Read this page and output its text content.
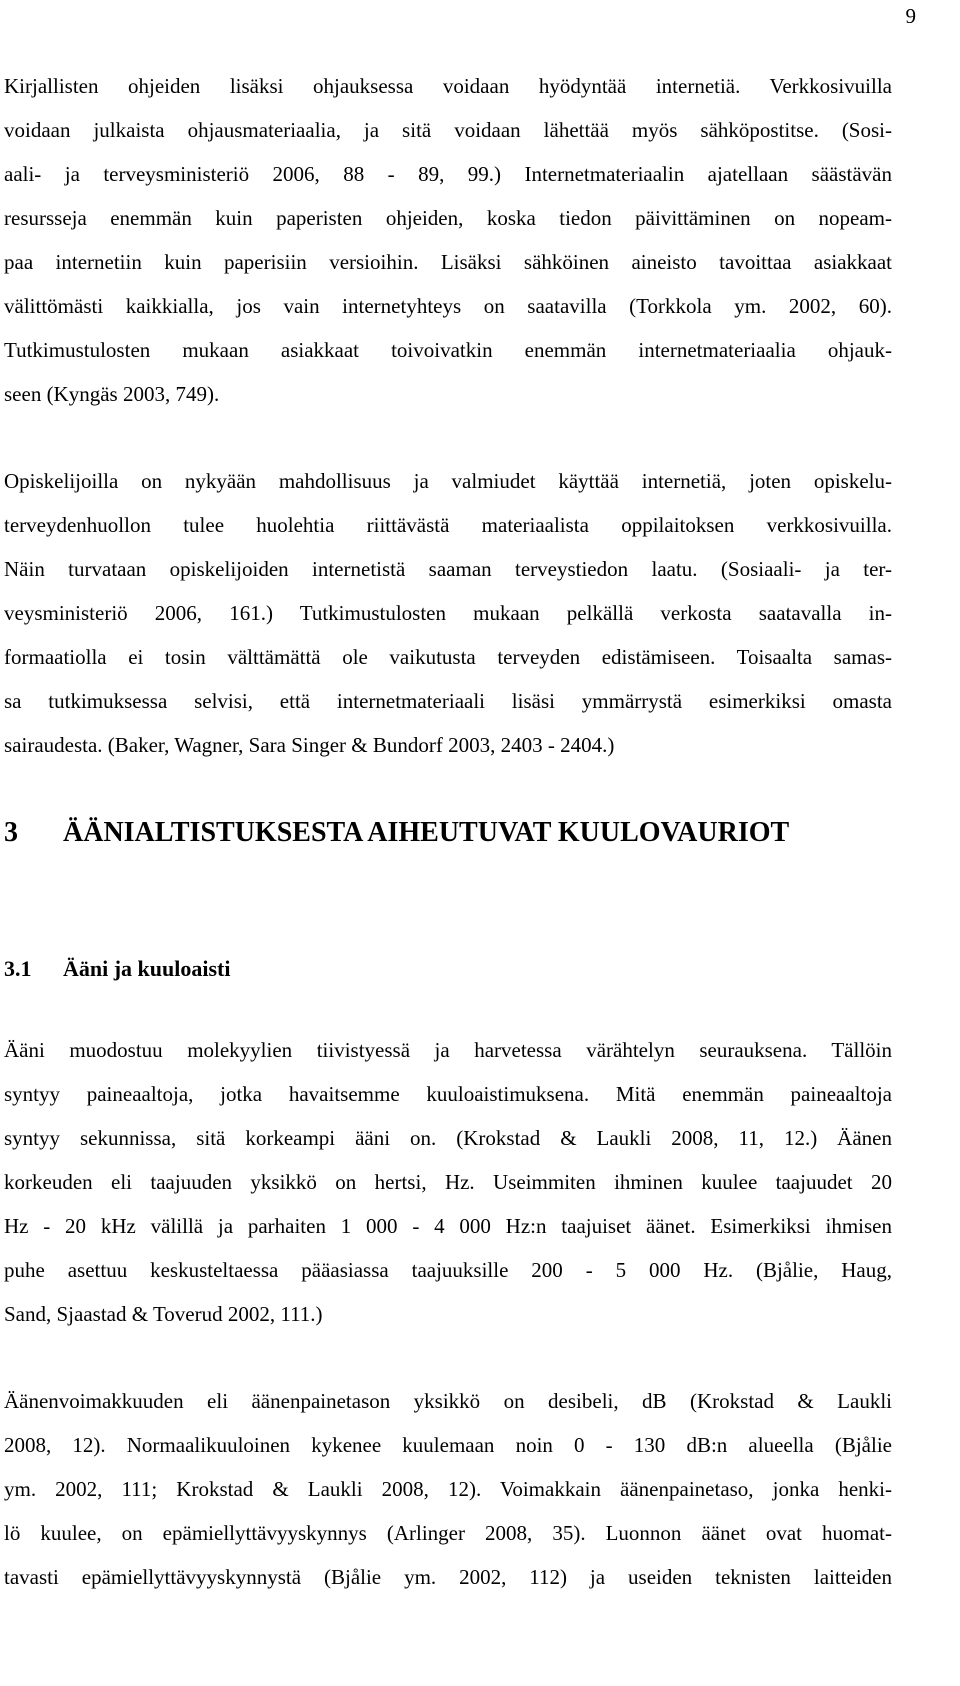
9
Kirjallisten ohjeiden lisäksi ohjauksessa voidaan hyödyntää internetiä. Verkkosivuilla
voidaan julkaista ohjausmateriaalia, ja sitä voidaan lähettää myös sähköpostitse. (Sosi-
aali- ja terveysministeriö 2006, 88 - 89, 99.) Internetmateriaalin ajatellaan säästävän
resursseja enemmän kuin paperisten ohjeiden, koska tiedon päivittäminen on nopeam-
paa internetiin kuin paperisiin versioihin. Lisäksi sähköinen aineisto tavoittaa asiakkaat
välittömästi kaikkialla, jos vain internetyhteys on saatavilla (Torkkola ym. 2002, 60).
Tutkimustulosten mukaan asiakkaat toivoivatkin enemmän internetmateriaalia ohjauk-
seen (Kyngäs 2003, 749).
Opiskelijoilla on nykyään mahdollisuus ja valmiudet käyttää internetiä, joten opiskelu-
terveydenhuollon tulee huolehtia riittävästä materiaalista oppilaitoksen verkkosivuilla.
Näin turvataan opiskelijoiden internetistä saaman terveystiedon laatu. (Sosiaali- ja ter-
veysministeriö 2006, 161.) Tutkimustulosten mukaan pelkällä verkosta saatavalla in-
formaatiolla ei tosin välttämättä ole vaikutusta terveyden edistämiseen. Toisaalta samas-
sa tutkimuksessa selvisi, että internetmateriaali lisäsi ymmärrystä esimerkiksi omasta
sairaudesta. (Baker, Wagner, Sara Singer & Bundorf 2003, 2403 - 2404.)
3 ÄÄNIALTISTUKSESTA AIHEUTUVAT KUULOVAURIOT
3.1 Ääni ja kuuloaisti
Ääni muodostuu molekyylien tiivistyessä ja harvetessa värähtelyn seurauksena. Tällöin
syntyy paineaaltoja, jotka havaitsemme kuuloaistimuksena. Mitä enemmän paineaaltoja
syntyy sekunnissa, sitä korkeampi ääni on. (Krokstad & Laukli 2008, 11, 12.) Äänen
korkeuden eli taajuuden yksikkö on hertsi, Hz. Useimmiten ihminen kuulee taajuudet 20
Hz - 20 kHz välillä ja parhaiten 1 000 - 4 000 Hz:n taajuiset äänet. Esimerkiksi ihmisen
puhe asettuu keskusteltaessa pääasiassa taajuuksille 200 - 5 000 Hz. (Bjålie, Haug,
Sand, Sjaastad & Toverud 2002, 111.)
Äänenvoimakkuuden eli äänenpainetason yksikkö on desibeli, dB (Krokstad & Laukli
2008, 12). Normaalikuuloinen kykenee kuulemaan noin 0 - 130 dB:n alueella (Bjålie
ym. 2002, 111; Krokstad & Laukli 2008, 12). Voimakkain äänenpainetaso, jonka henki-
lö kuulee, on epämiellyttävyyskynnys (Arlinger 2008, 35). Luonnon äänet ovat huomat-
tavasti epämiellyttävyyskynnystä (Bjålie ym. 2002, 112) ja useiden teknisten laitteiden
